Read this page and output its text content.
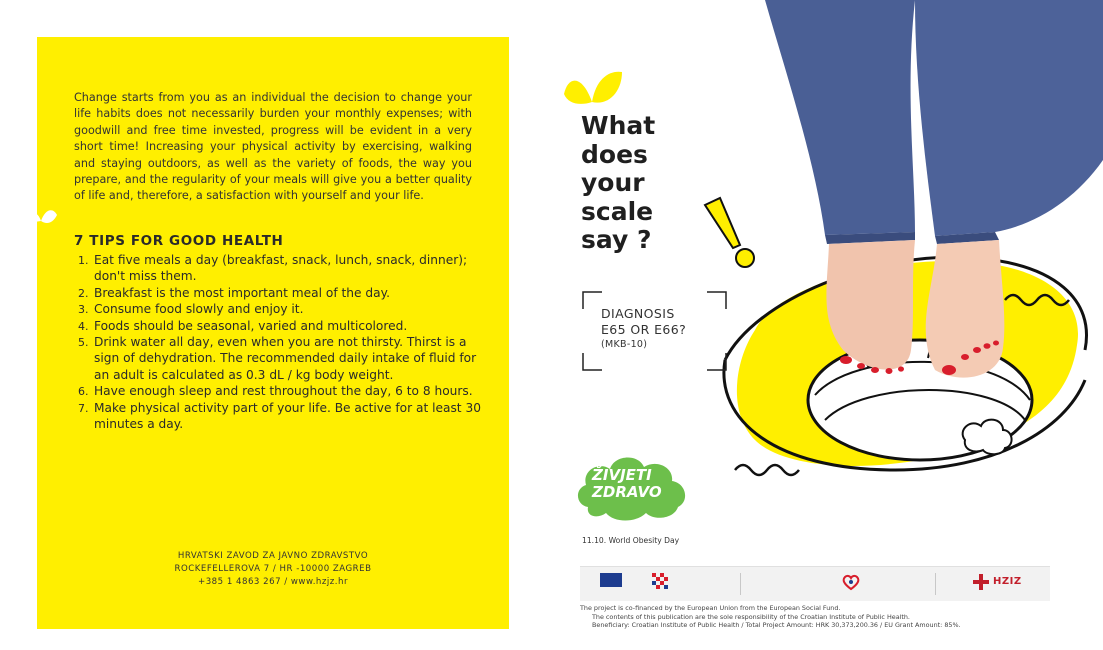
Change starts from you as an individual the decision to change your life habits does not necessarily burden your monthly expenses; with goodwill and free time invested, progress will be evident in a very short time! Increasing your physical activity by exercising, walking and staying outdoors, as well as the variety of foods, the way you prepare, and the regularity of your meals will give you a better quality of life and, therefore, a satisfaction with yourself and your life.

7 TIPS FOR GOOD HEALTH
1. Eat five meals a day (breakfast, snack, lunch, snack, dinner); don't miss them.
2. Breakfast is the most important meal of the day.
3. Consume food slowly and enjoy it.
4. Foods should be seasonal, varied and multicolored.
5. Drink water all day, even when you are not thirsty. Thirst is a sign of dehydration. The recommended daily intake of fluid for an adult is calculated as 0.3 dL / kg body weight.
6. Have enough sleep and rest throughout the day, 6 to 8 hours.
7. Make physical activity part of your life. Be active for at least 30 minutes a day.
HRVATSKI ZAVOD ZA JAVNO ZDRAVSTVO
ROCKEFELLEROVA 7 / HR -10000 ZAGREB
+385 1 4863 267 / www.hzjz.hr
What
does
your
scale
say ?
DIAGNOSIS
E65 OR E66?
(MKB-10)
ŽIVJETI
ZDRAVO
11.10. World Obesity Day
HZIZ
The project is co-financed by the European Union from the European Social Fund.
The contents of this publication are the sole responsibility of the Croatian Institute of Public Health.
Beneficiary: Croatian Institute of Public Health / Total Project Amount: HRK 30,373,200.36 / EU Grant Amount: 85%.
